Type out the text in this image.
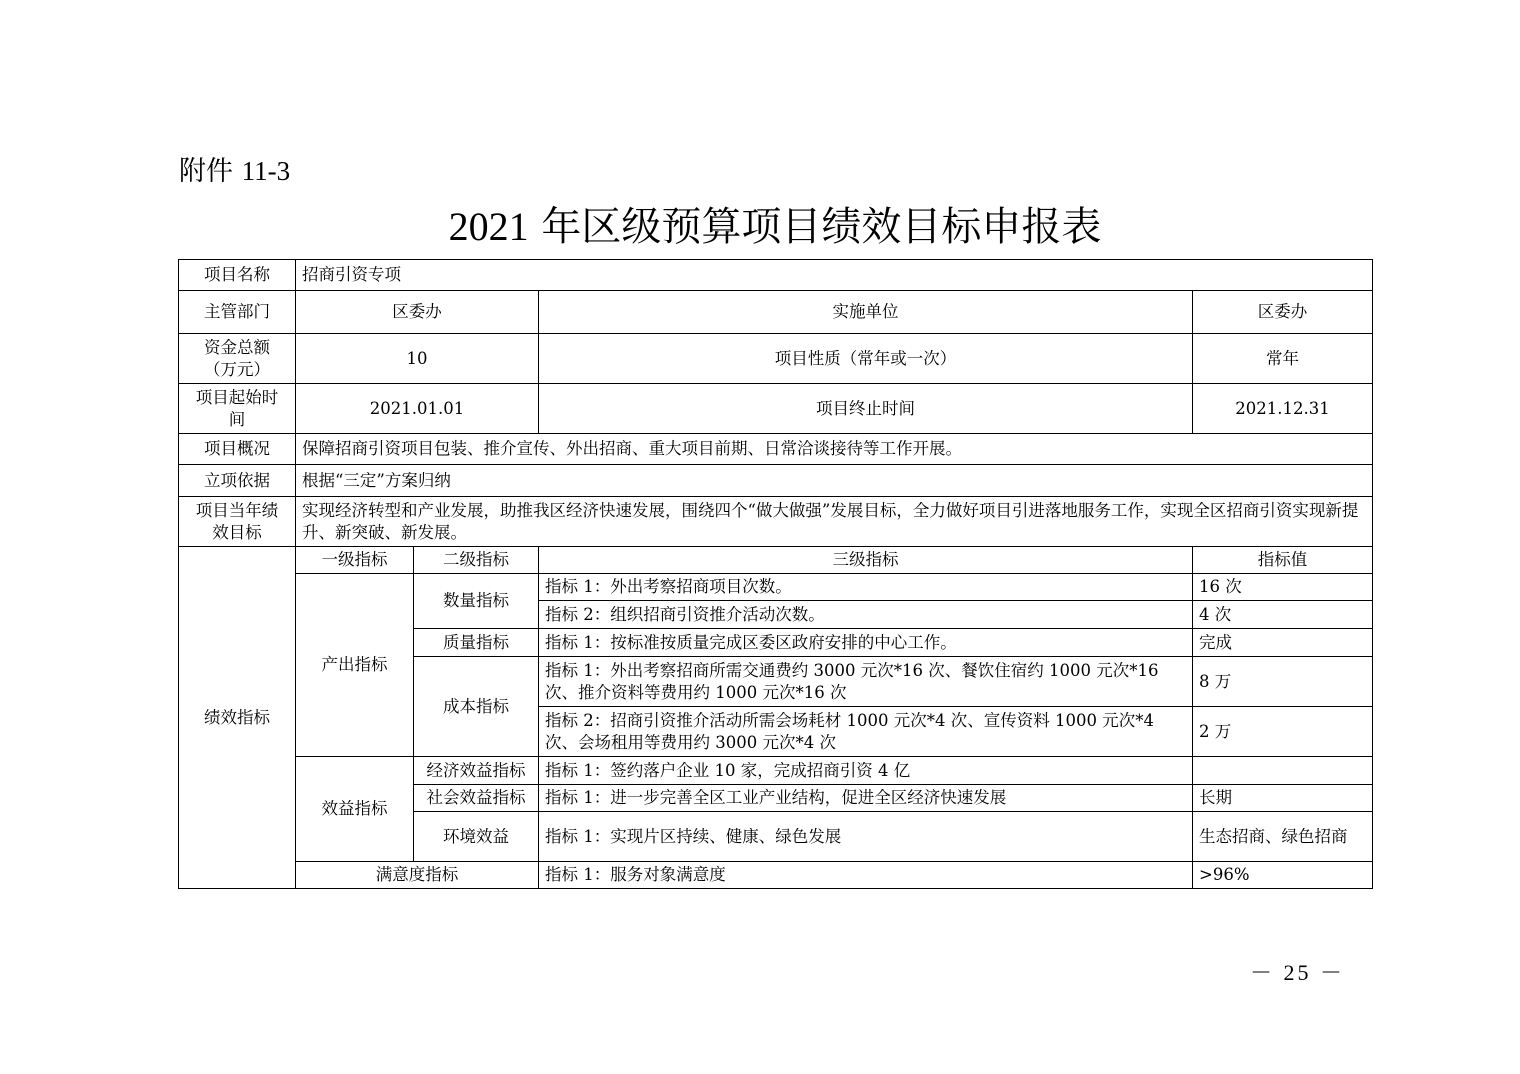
附件 11-3
2021 年区级预算项目绩效目标申报表
项目名称	招商引资专项			
主管部门	区委办		实施单位	区委办

资金总额
（万元）	10		项目性质（常年或一次）	常年

项目起始时
间	2021.01.01		项目终止时间	2021.12.31
项目概况	保障招商引资项目包装、推介宣传、外出招商、重大项目前期、日常洽谈接待等工作开展。			
立项依据	根据“三定”方案归纳			

项目当年绩
效目标	实现经济转型和产业发展，助推我区经济快速发展，围绕四个“做大做强”发展目标，全力做好项目引进落地服务工作，实现全区招商引资实现新提升、新突破、新发展。			
绩效指标	一级指标	二级指标	三级指标	指标值
	产出指标	数量指标	指标 1：外出考察招商项目次数。	16 次
			指标 2：组织招商引资推介活动次数。	4 次
		质量指标	指标 1：按标准按质量完成区委区政府安排的中心工作。	完成
		成本指标	指标 1：外出考察招商所需交通费约 3000 元次*16 次、餐饮住宿约 1000 元次*16 次、推介资料等费用约 1000 元次*16 次	8 万
			指标 2：招商引资推介活动所需会场耗材 1000 元次*4 次、宣传资料 1000 元次*4 次、会场租用等费用约 3000 元次*4 次	2 万
	效益指标	经济效益指标	指标 1：签约落户企业 10 家，完成招商引资 4 亿	
		社会效益指标	指标 1：进一步完善全区工业产业结构，促进全区经济快速发展	长期
		环境效益	指标 1：实现片区持续、健康、绿色发展	生态招商、绿色招商
	满意度指标		指标 1：服务对象满意度	>96%
－ 25 －
